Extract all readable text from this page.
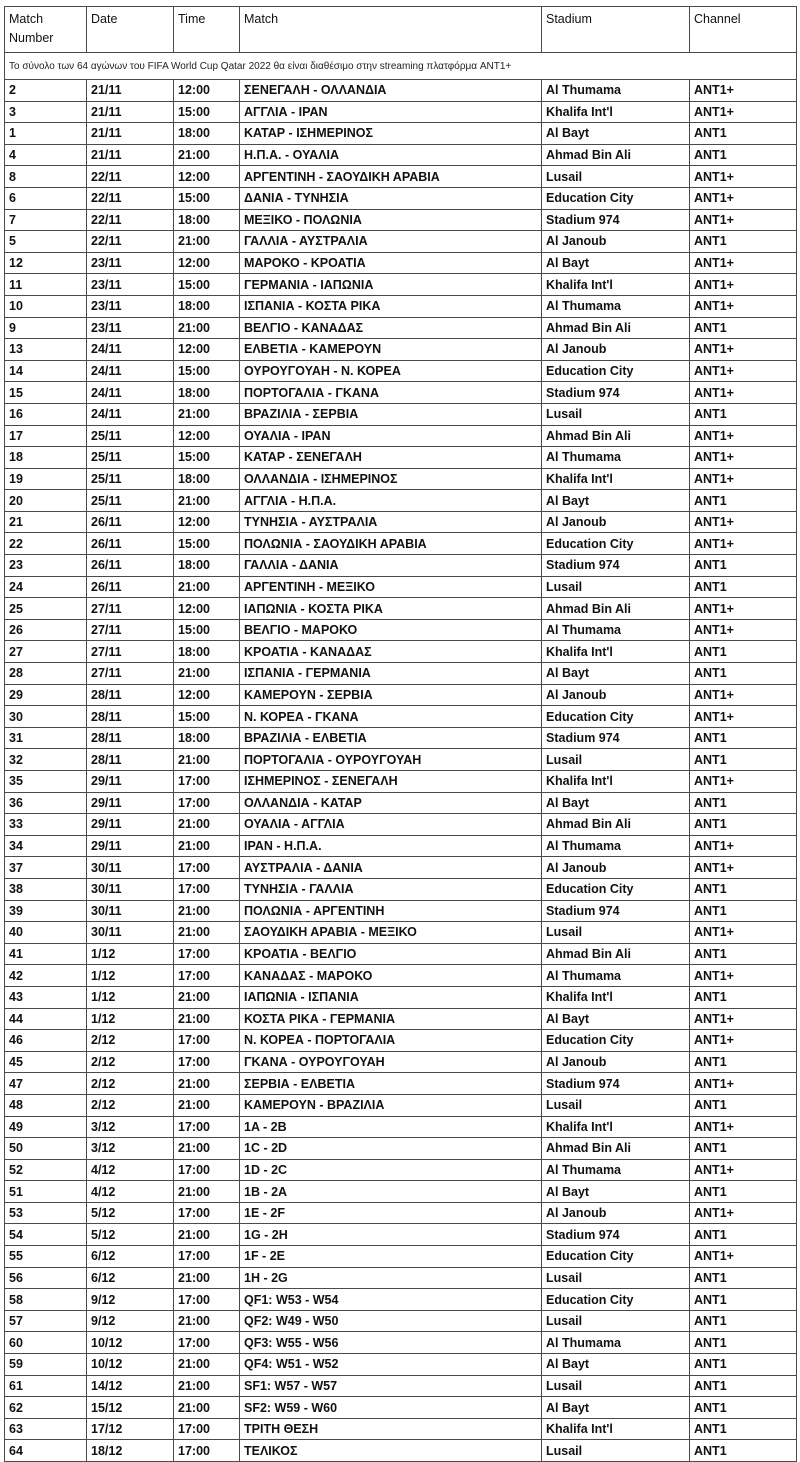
Match Number	Date	Time	Match	Stadium	Channel
Το σύνολο των 64 αγώνων του FIFA World Cup Qatar 2022 θα είναι διαθέσιμο στην streaming πλατφόρμα ANT1+					
2	21/11	12:00	ΣΕΝΕΓΑΛΗ - ΟΛΛΑΝΔΙΑ	Al Thumama	ANT1+
3	21/11	15:00	ΑΓΓΛΙΑ - ΙΡΑΝ	Khalifa Int'l	ANT1+
1	21/11	18:00	ΚΑΤΑΡ - ΙΣΗΜΕΡΙΝΟΣ	Al Bayt	ANT1
4	21/11	21:00	Η.Π.Α. - ΟΥΑΛΙΑ	Ahmad Bin Ali	ANT1
8	22/11	12:00	ΑΡΓΕΝΤΙΝΗ - ΣΑΟΥΔΙΚΗ ΑΡΑΒΙΑ	Lusail	ANT1+
6	22/11	15:00	ΔΑΝΙΑ - ΤΥΝΗΣΙΑ	Education City	ANT1+
7	22/11	18:00	ΜΕΞΙΚΟ - ΠΟΛΩΝΙΑ	Stadium 974	ANT1+
5	22/11	21:00	ΓΑΛΛΙΑ - ΑΥΣΤΡΑΛΙΑ	Al Janoub	ANT1
12	23/11	12:00	ΜΑΡΟΚΟ - ΚΡΟΑΤΙΑ	Al Bayt	ANT1+
11	23/11	15:00	ΓΕΡΜΑΝΙΑ - ΙΑΠΩΝΙΑ	Khalifa Int'l	ANT1+
10	23/11	18:00	ΙΣΠΑΝΙΑ - ΚΟΣΤΑ ΡΙΚΑ	Al Thumama	ANT1+
9	23/11	21:00	ΒΕΛΓΙΟ - ΚΑΝΑΔΑΣ	Ahmad Bin Ali	ANT1
13	24/11	12:00	ΕΛΒΕΤΙΑ - ΚΑΜΕΡΟΥΝ	Al Janoub	ANT1+
14	24/11	15:00	ΟΥΡΟΥΓΟΥΑΗ - Ν. ΚΟΡΕΑ	Education City	ANT1+
15	24/11	18:00	ΠΟΡΤΟΓΑΛΙΑ - ΓΚΑΝΑ	Stadium 974	ANT1+
16	24/11	21:00	ΒΡΑΖΙΛΙΑ - ΣΕΡΒΙΑ	Lusail	ANT1
17	25/11	12:00	ΟΥΑΛΙΑ - ΙΡΑΝ	Ahmad Bin Ali	ANT1+
18	25/11	15:00	ΚΑΤΑΡ - ΣΕΝΕΓΑΛΗ	Al Thumama	ANT1+
19	25/11	18:00	ΟΛΛΑΝΔΙΑ - ΙΣΗΜΕΡΙΝΟΣ	Khalifa Int'l	ANT1+
20	25/11	21:00	ΑΓΓΛΙΑ - Η.Π.Α.	Al Bayt	ANT1
21	26/11	12:00	ΤΥΝΗΣΙΑ - ΑΥΣΤΡΑΛΙΑ	Al Janoub	ANT1+
22	26/11	15:00	ΠΟΛΩΝΙΑ - ΣΑΟΥΔΙΚΗ ΑΡΑΒΙΑ	Education City	ANT1+
23	26/11	18:00	ΓΑΛΛΙΑ - ΔΑΝΙΑ	Stadium 974	ANT1
24	26/11	21:00	ΑΡΓΕΝΤΙΝΗ - ΜΕΞΙΚΟ	Lusail	ANT1
25	27/11	12:00	ΙΑΠΩΝΙΑ - ΚΟΣΤΑ ΡΙΚΑ	Ahmad Bin Ali	ANT1+
26	27/11	15:00	ΒΕΛΓΙΟ - ΜΑΡΟΚΟ	Al Thumama	ANT1+
27	27/11	18:00	ΚΡΟΑΤΙΑ - ΚΑΝΑΔΑΣ	Khalifa Int'l	ANT1
28	27/11	21:00	ΙΣΠΑΝΙΑ - ΓΕΡΜΑΝΙΑ	Al Bayt	ANT1
29	28/11	12:00	ΚΑΜΕΡΟΥΝ - ΣΕΡΒΙΑ	Al Janoub	ANT1+
30	28/11	15:00	Ν. ΚΟΡΕΑ - ΓΚΑΝΑ	Education City	ANT1+
31	28/11	18:00	ΒΡΑΖΙΛΙΑ - ΕΛΒΕΤΙΑ	Stadium 974	ANT1
32	28/11	21:00	ΠΟΡΤΟΓΑΛΙΑ - ΟΥΡΟΥΓΟΥΑΗ	Lusail	ANT1
35	29/11	17:00	ΙΣΗΜΕΡΙΝΟΣ - ΣΕΝΕΓΑΛΗ	Khalifa Int'l	ANT1+
36	29/11	17:00	ΟΛΛΑΝΔΙΑ - ΚΑΤΑΡ	Al Bayt	ANT1
33	29/11	21:00	ΟΥΑΛΙΑ - ΑΓΓΛΙΑ	Ahmad Bin Ali	ANT1
34	29/11	21:00	ΙΡΑΝ - Η.Π.Α.	Al Thumama	ANT1+
37	30/11	17:00	ΑΥΣΤΡΑΛΙΑ - ΔΑΝΙΑ	Al Janoub	ANT1+
38	30/11	17:00	ΤΥΝΗΣΙΑ - ΓΑΛΛΙΑ	Education City	ANT1
39	30/11	21:00	ΠΟΛΩΝΙΑ - ΑΡΓΕΝΤΙΝΗ	Stadium 974	ANT1
40	30/11	21:00	ΣΑΟΥΔΙΚΗ ΑΡΑΒΙΑ - ΜΕΞΙΚΟ	Lusail	ANT1+
41	1/12	17:00	ΚΡΟΑΤΙΑ - ΒΕΛΓΙΟ	Ahmad Bin Ali	ANT1
42	1/12	17:00	ΚΑΝΑΔΑΣ - ΜΑΡΟΚΟ	Al Thumama	ANT1+
43	1/12	21:00	ΙΑΠΩΝΙΑ - ΙΣΠΑΝΙΑ	Khalifa Int'l	ANT1
44	1/12	21:00	ΚΟΣΤΑ ΡΙΚΑ - ΓΕΡΜΑΝΙΑ	Al Bayt	ANT1+
46	2/12	17:00	Ν. ΚΟΡΕΑ - ΠΟΡΤΟΓΑΛΙΑ	Education City	ANT1+
45	2/12	17:00	ΓΚΑΝΑ - ΟΥΡΟΥΓΟΥΑΗ	Al Janoub	ANT1
47	2/12	21:00	ΣΕΡΒΙΑ - ΕΛΒΕΤΙΑ	Stadium 974	ANT1+
48	2/12	21:00	ΚΑΜΕΡΟΥΝ - ΒΡΑΖΙΛΙΑ	Lusail	ANT1
49	3/12	17:00	1A - 2B	Khalifa Int'l	ANT1+
50	3/12	21:00	1C - 2D	Ahmad Bin Ali	ANT1
52	4/12	17:00	1D - 2C	Al Thumama	ANT1+
51	4/12	21:00	1B - 2A	Al Bayt	ANT1
53	5/12	17:00	1E - 2F	Al Janoub	ANT1+
54	5/12	21:00	1G - 2H	Stadium 974	ANT1
55	6/12	17:00	1F - 2E	Education City	ANT1+
56	6/12	21:00	1H - 2G	Lusail	ANT1
58	9/12	17:00	QF1: W53 - W54	Education City	ANT1
57	9/12	21:00	QF2: W49 - W50	Lusail	ANT1
60	10/12	17:00	QF3: W55 - W56	Al Thumama	ANT1
59	10/12	21:00	QF4: W51 - W52	Al Bayt	ANT1
61	14/12	21:00	SF1: W57 - W57	Lusail	ANT1
62	15/12	21:00	SF2: W59 - W60	Al Bayt	ANT1
63	17/12	17:00	ΤΡΙΤΗ ΘΕΣΗ	Khalifa Int'l	ANT1
64	18/12	17:00	ΤΕΛΙΚΟΣ	Lusail	ANT1
